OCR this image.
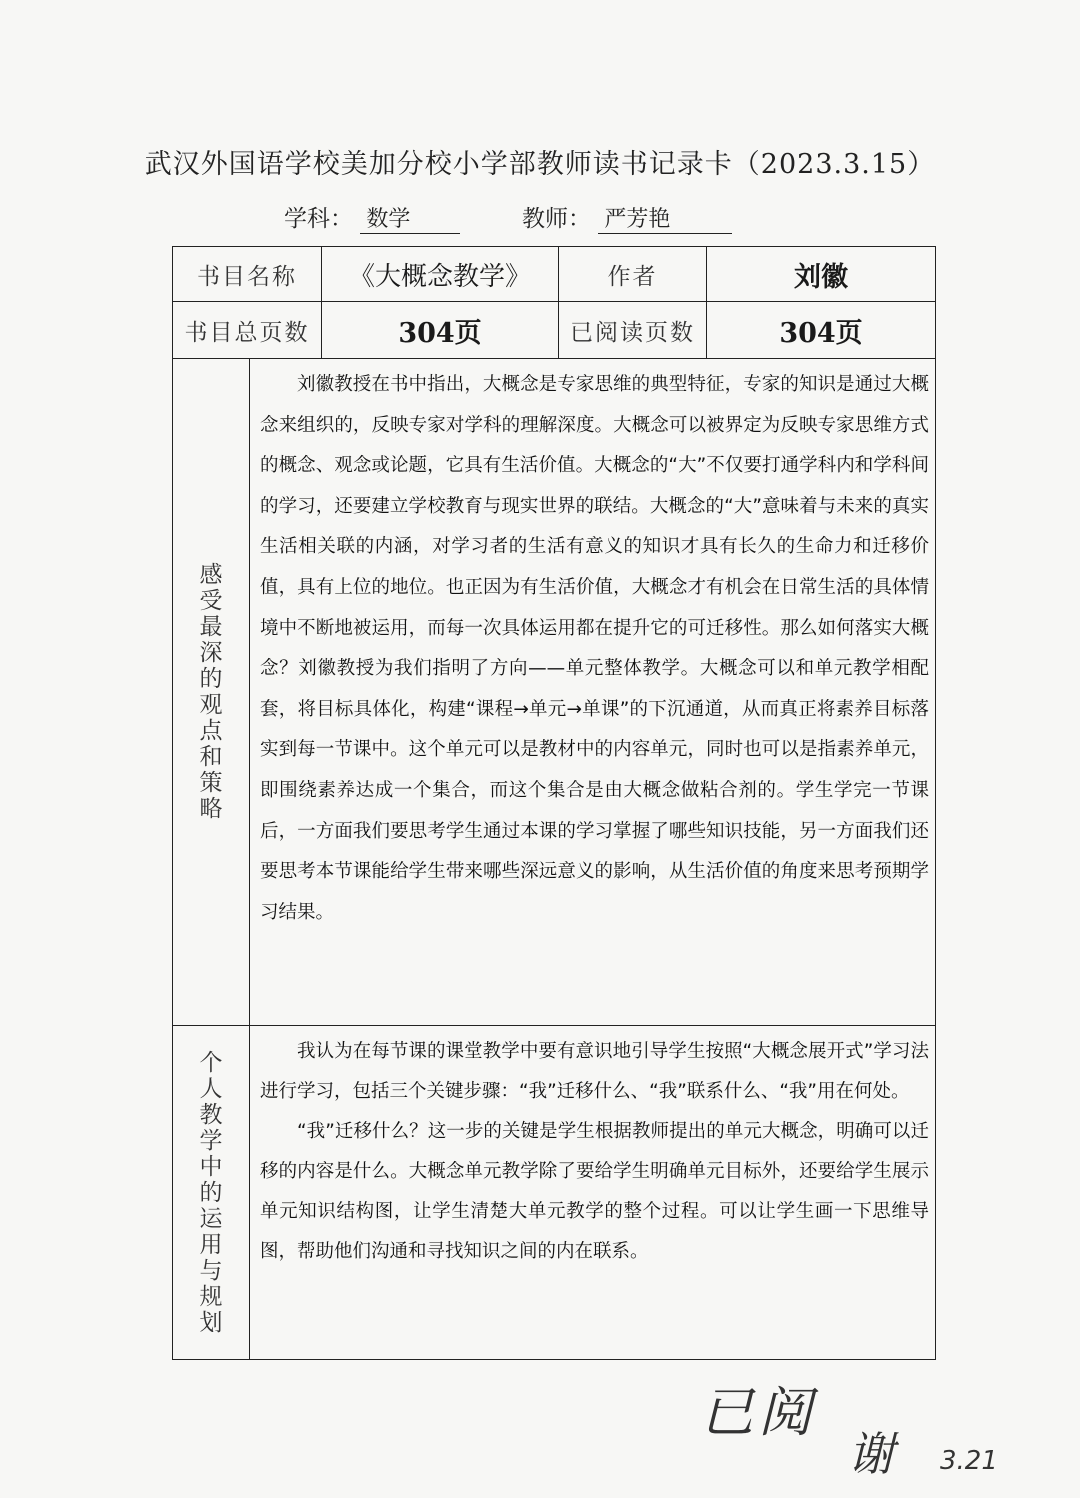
武汉外国语学校美加分校小学部教师读书记录卡（2023.3.15）
学科： 数学	教师： 严芳艳
书目名称		《大概念教学》	作者	刘徽
书目总页数		304页	已阅读页数	304页

感受最深的观点和策略	刘徽教授在书中指出，大概念是专家思维的典型特征，专家的知识是通过大概念来组织的，反映专家对学科的理解深度。大概念可以被界定为反映专家思维方式的概念、观念或论题，它具有生活价值。大概念的“大”不仅要打通学科内和学科间的学习，还要建立学校教育与现实世界的联结。大概念的“大”意味着与未来的真实生活相关联的内涵，对学习者的生活有意义的知识才具有长久的生命力和迁移价值，具有上位的地位。也正因为有生活价值，大概念才有机会在日常生活的具体情境中不断地被运用，而每一次具体运用都在提升它的可迁移性。那么如何落实大概念？刘徽教授为我们指明了方向——单元整体教学。大概念可以和单元教学相配套，将目标具体化，构建“课程→单元→单课”的下沉通道，从而真正将素养目标落实到每一节课中。这个单元可以是教材中的内容单元，同时也可以是指素养单元，即围绕素养达成一个集合，而这个集合是由大概念做粘合剂的。学生学完一节课后，一方面我们要思考学生通过本课的学习掌握了哪些知识技能，另一方面我们还要思考本节课能给学生带来哪些深远意义的影响，从生活价值的角度来思考预期学习结果。			

个人教学中的运用与规划	我认为在每节课的课堂教学中要有意识地引导学生按照“大概念展开式”学习法进行学习，包括三个关键步骤：“我”迁移什么、“我”联系什么、“我”用在何处。

“我”迁移什么？这一步的关键是学生根据教师提出的单元大概念，明确可以迁移的内容是什么。大概念单元教学除了要给学生明确单元目标外，还要给学生展示单元知识结构图，让学生清楚大单元教学的整个过程。可以让学生画一下思维导图，帮助他们沟通和寻找知识之间的内在联系。			

已阅
谢 3.21
